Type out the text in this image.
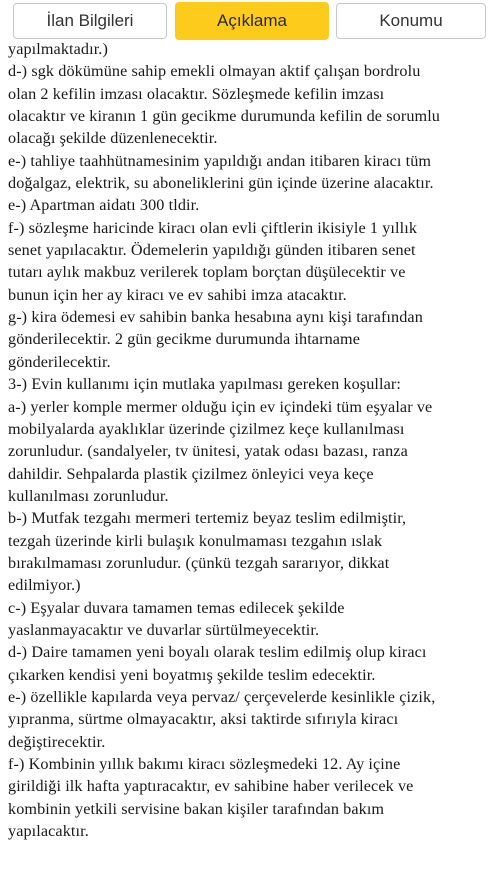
İlan Bilgileri	Açıklama	Konumu
yapılmaktadır.)
d-) sgk dökümüne sahip emekli olmayan aktif çalışan bordrolu
olan 2 kefilin imzası olacaktır. Sözleşmede kefilin imzası
olacaktır ve kiranın 1 gün gecikme durumunda kefilin de sorumlu
olacağı şekilde düzenlenecektir.
e-) tahliye taahhütnamesinim yapıldığı andan itibaren kiracı tüm
doğalgaz, elektrik, su aboneliklerini gün içinde üzerine alacaktır.
e-) Apartman aidatı 300 tldir.
f-) sözleşme haricinde kiracı olan evli çiftlerin ikisiyle 1 yıllık
senet yapılacaktır. Ödemelerin yapıldığı günden itibaren senet
tutarı aylık makbuz verilerek toplam borçtan düşülecektir ve
bunun için her ay kiracı ve ev sahibi imza atacaktır.
g-) kira ödemesi ev sahibin banka hesabına aynı kişi tarafından
gönderilecektir. 2 gün gecikme durumunda ihtarname
gönderilecektir.
3-) Evin kullanımı için mutlaka yapılması gereken koşullar:
a-) yerler komple mermer olduğu için ev içindeki tüm eşyalar ve
mobilyalarda ayaklıklar üzerinde çizilmez keçe kullanılması
zorunludur. (sandalyeler, tv ünitesi, yatak odası bazası, ranza
dahildir. Sehpalarda plastik çizilmez önleyici veya keçe
kullanılması zorunludur.
b-) Mutfak tezgahı mermeri tertemiz beyaz teslim edilmiştir,
tezgah üzerinde kirli bulaşık konulmaması tezgahın ıslak
bırakılmaması zorunludur. (çünkü tezgah sararıyor, dikkat
edilmiyor.)
c-) Eşyalar duvara tamamen temas edilecek şekilde
yaslanmayacaktır ve duvarlar sürtülmeyecektir.
d-) Daire tamamen yeni boyalı olarak teslim edilmiş olup kiracı
çıkarken kendisi yeni boyatmış şekilde teslim edecektir.
e-) özellikle kapılarda veya pervaz/ çerçevelerde kesinlikle çizik,
yıpranma, sürtme olmayacaktır, aksi taktirde sıfırıyla kiracı
değiştirecektir.
f-) Kombinin yıllık bakımı kiracı sözleşmedeki 12. Ay içine
girildiği ilk hafta yaptıracaktır, ev sahibine haber verilecek ve
kombinin yetkili servisine bakan kişiler tarafından bakım
yapılacaktır.
